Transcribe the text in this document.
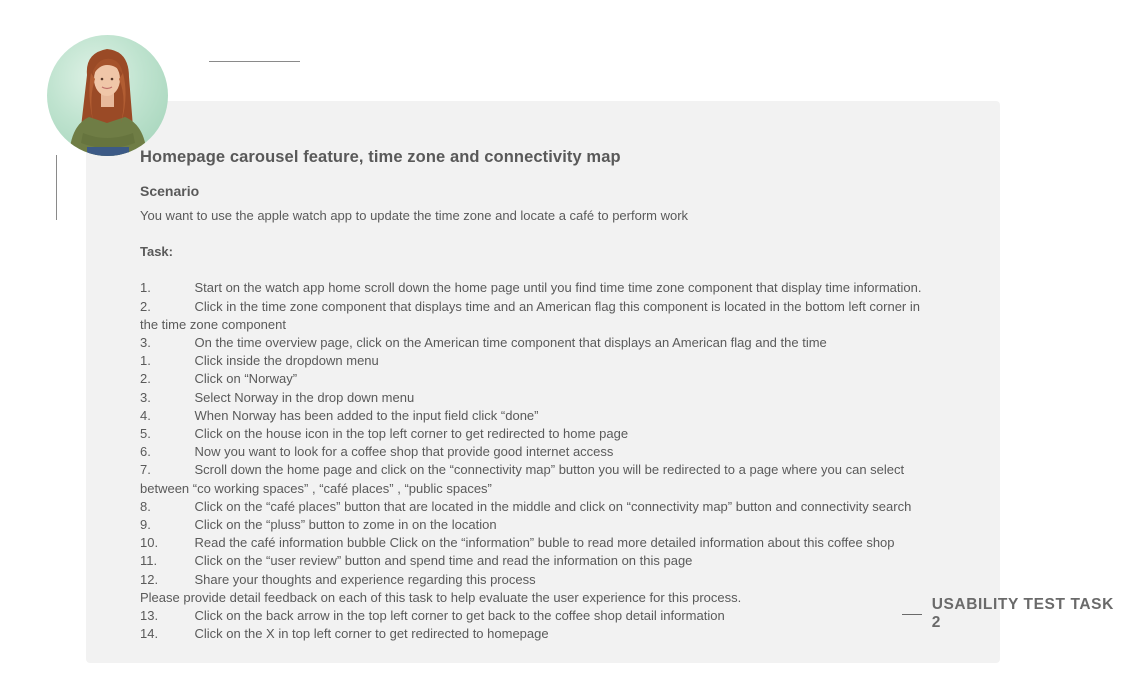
Homepage carousel feature, time zone and connectivity map
Scenario
You want to use the apple watch app to update the time zone and locate a café to perform work
Task:
1.	Start on the watch app home scroll down the home page until you find time time zone component that display time information.
2.	Click in the time zone component that displays time and an American flag this component is located in the bottom left corner in
the time zone component
3.	On the time overview page, click on the American time component that displays an American flag and the time
1.	Click inside the dropdown menu
2.	Click on “Norway”
3.	Select Norway in the drop down menu
4.	When Norway has been added to the input field click “done”
5.	Click on the house icon in the top left corner to get redirected to home page
6.	Now you want to look for a coffee shop that provide good internet access
7.	Scroll down the home page and click on the “connectivity map” button you will be redirected to a page where you can select
between “co working spaces” , “café places” , “public spaces”
8.	Click on the “café places” button that are located in the middle and click on “connectivity map” button and connectivity search
9.	Click on the “pluss” button to zome in on the location
10.	Read the café information bubble Click on the “information” buble to read more detailed information about this coffee shop
11.	Click on the “user review” button and spend time and read the information on this page
12.	Share your thoughts and experience regarding this process
Please provide detail feedback on each of this task to help evaluate the user experience for this process.
13.	Click on the back arrow in the top left corner to get back to the coffee shop detail information
14.	Click on the X in top left corner to get redirected to homepage
USABILITY TEST TASK 2
